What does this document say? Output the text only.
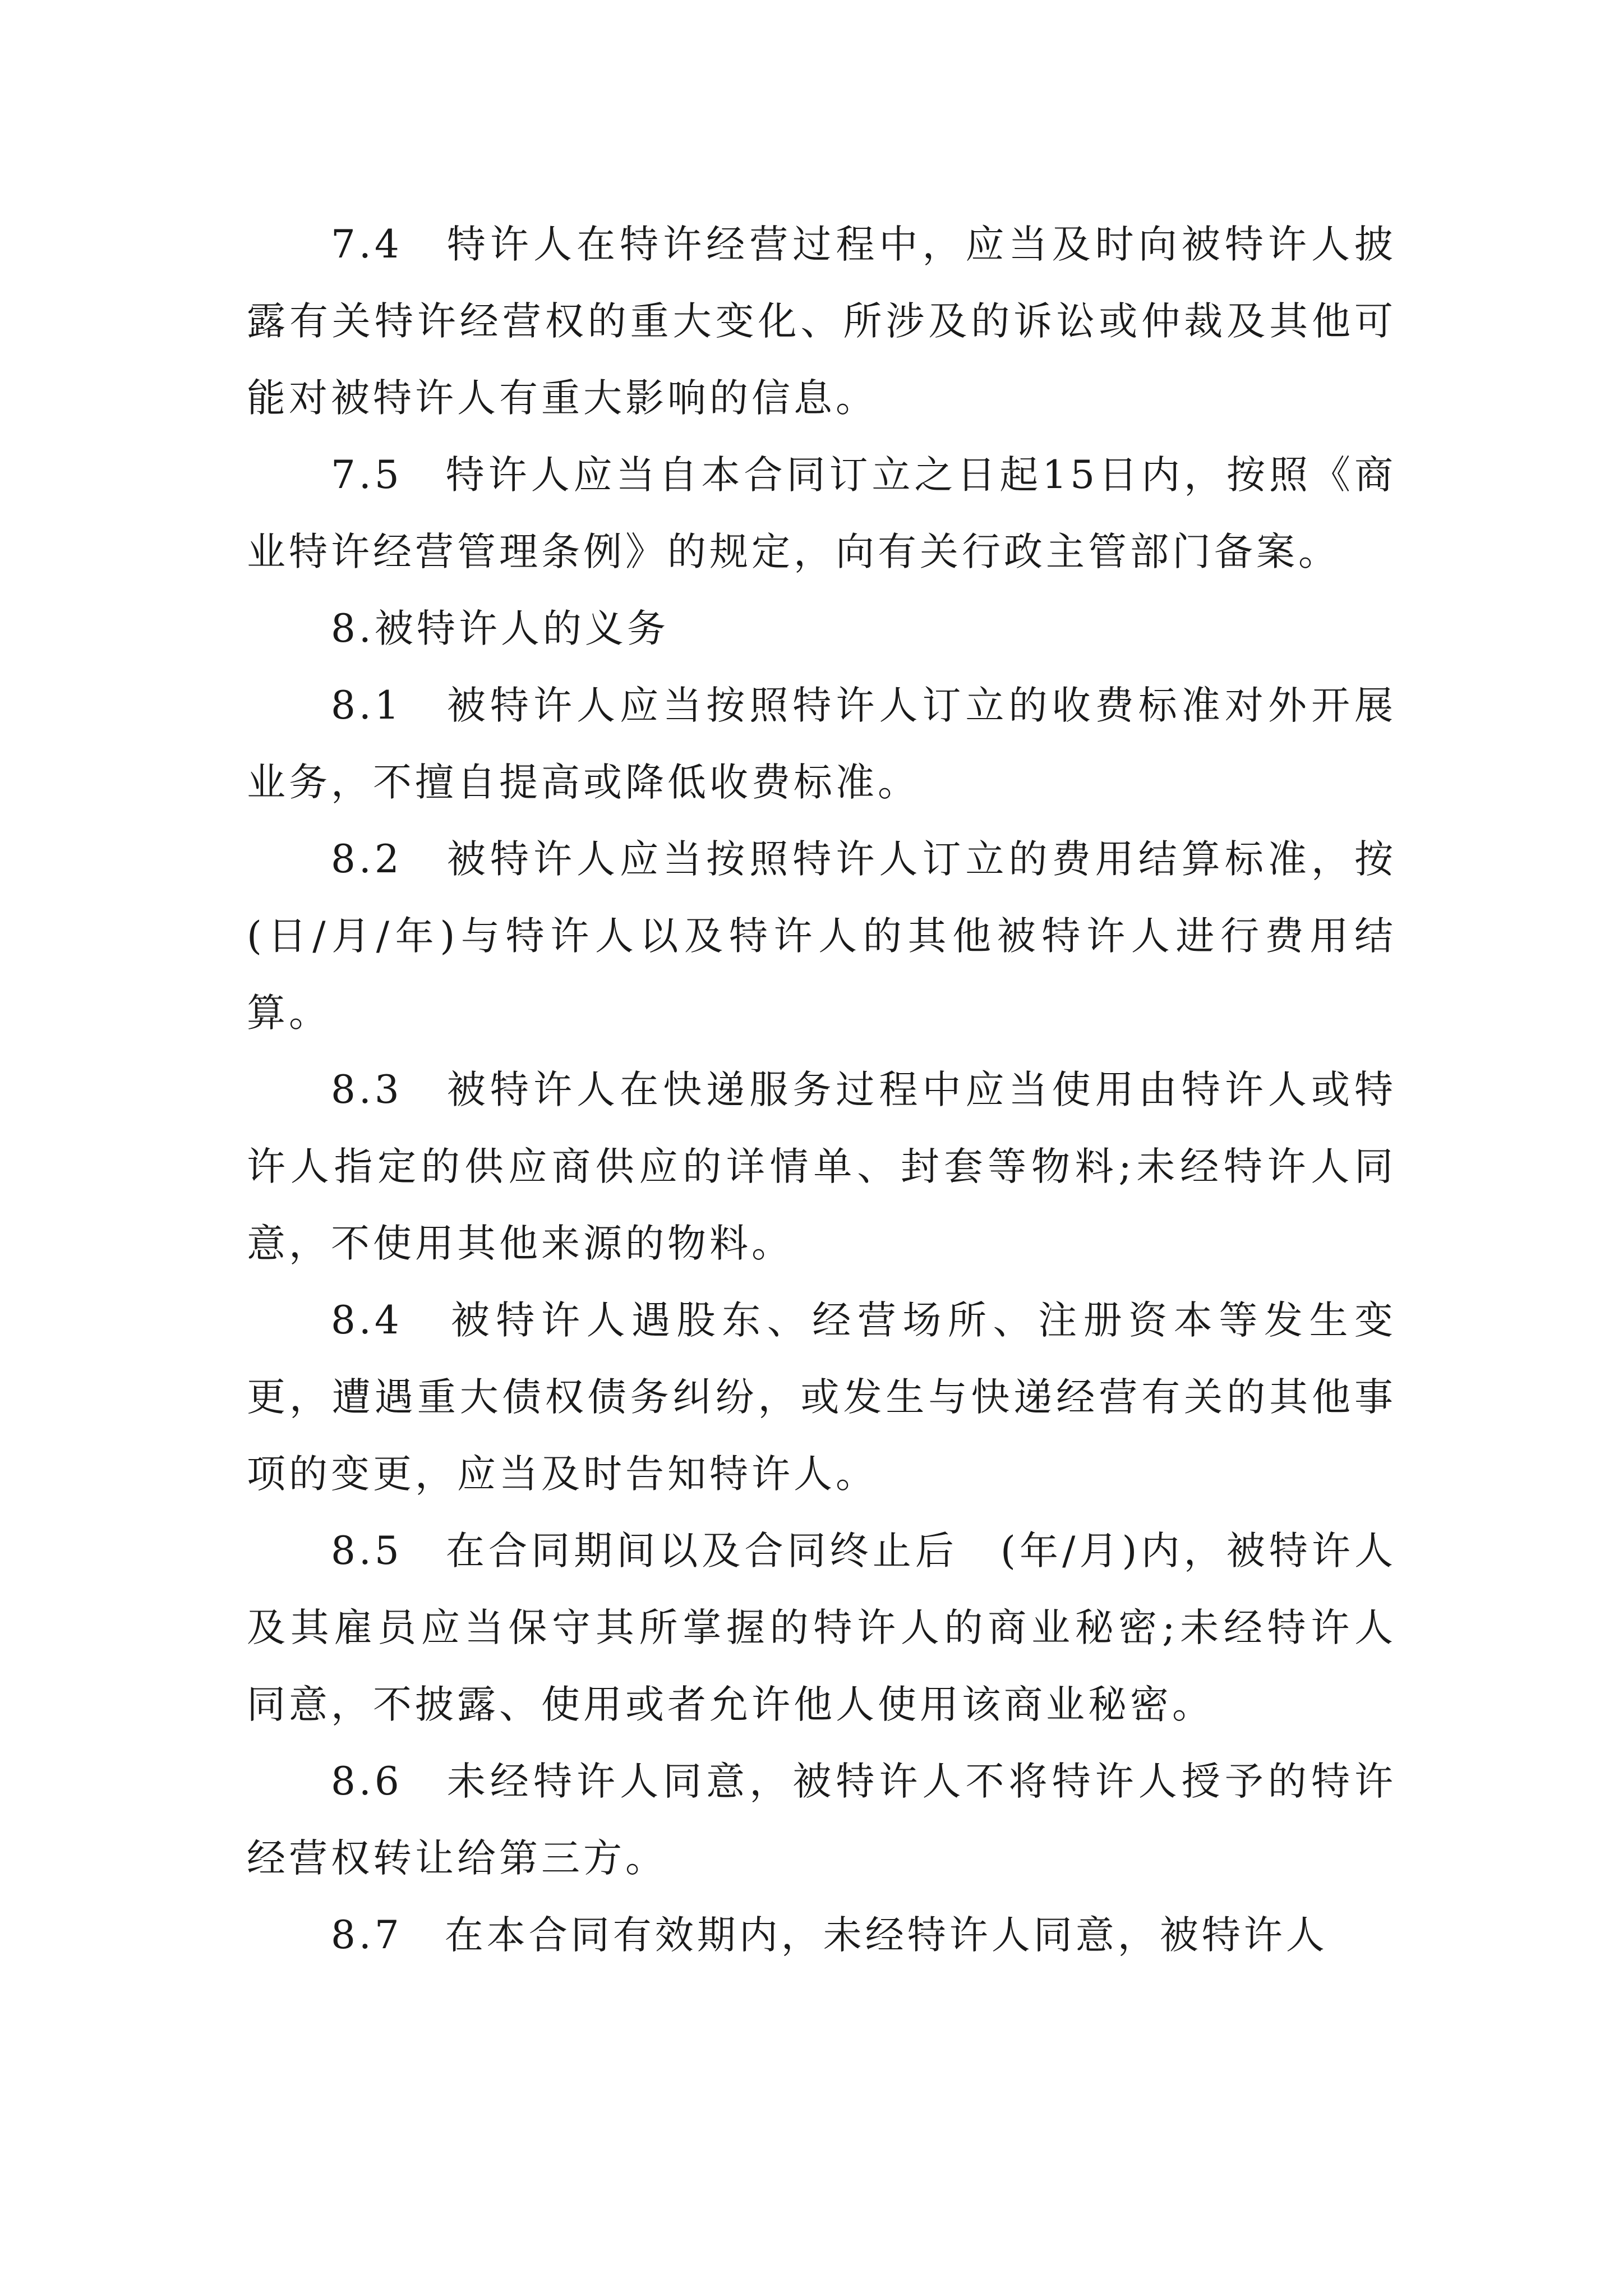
7.4　特许人在特许经营过程中，应当及时向被特许人披露有关特许经营权的重大变化、所涉及的诉讼或仲裁及其他可能对被特许人有重大影响的信息。

7.5　特许人应当自本合同订立之日起15日内，按照《商业特许经营管理条例》的规定，向有关行政主管部门备案。

8.被特许人的义务

8.1　被特许人应当按照特许人订立的收费标准对外开展业务，不擅自提高或降低收费标准。

8.2　被特许人应当按照特许人订立的费用结算标准，按(日/月/年)与特许人以及特许人的其他被特许人进行费用结算。

8.3　被特许人在快递服务过程中应当使用由特许人或特许人指定的供应商供应的详情单、封套等物料;未经特许人同意，不使用其他来源的物料。

8.4　被特许人遇股东、经营场所、注册资本等发生变更，遭遇重大债权债务纠纷，或发生与快递经营有关的其他事项的变更，应当及时告知特许人。

8.5　在合同期间以及合同终止后　(年/月)内，被特许人及其雇员应当保守其所掌握的特许人的商业秘密;未经特许人同意，不披露、使用或者允许他人使用该商业秘密。

8.6　未经特许人同意，被特许人不将特许人授予的特许经营权转让给第三方。

8.7　在本合同有效期内，未经特许人同意，被特许人
